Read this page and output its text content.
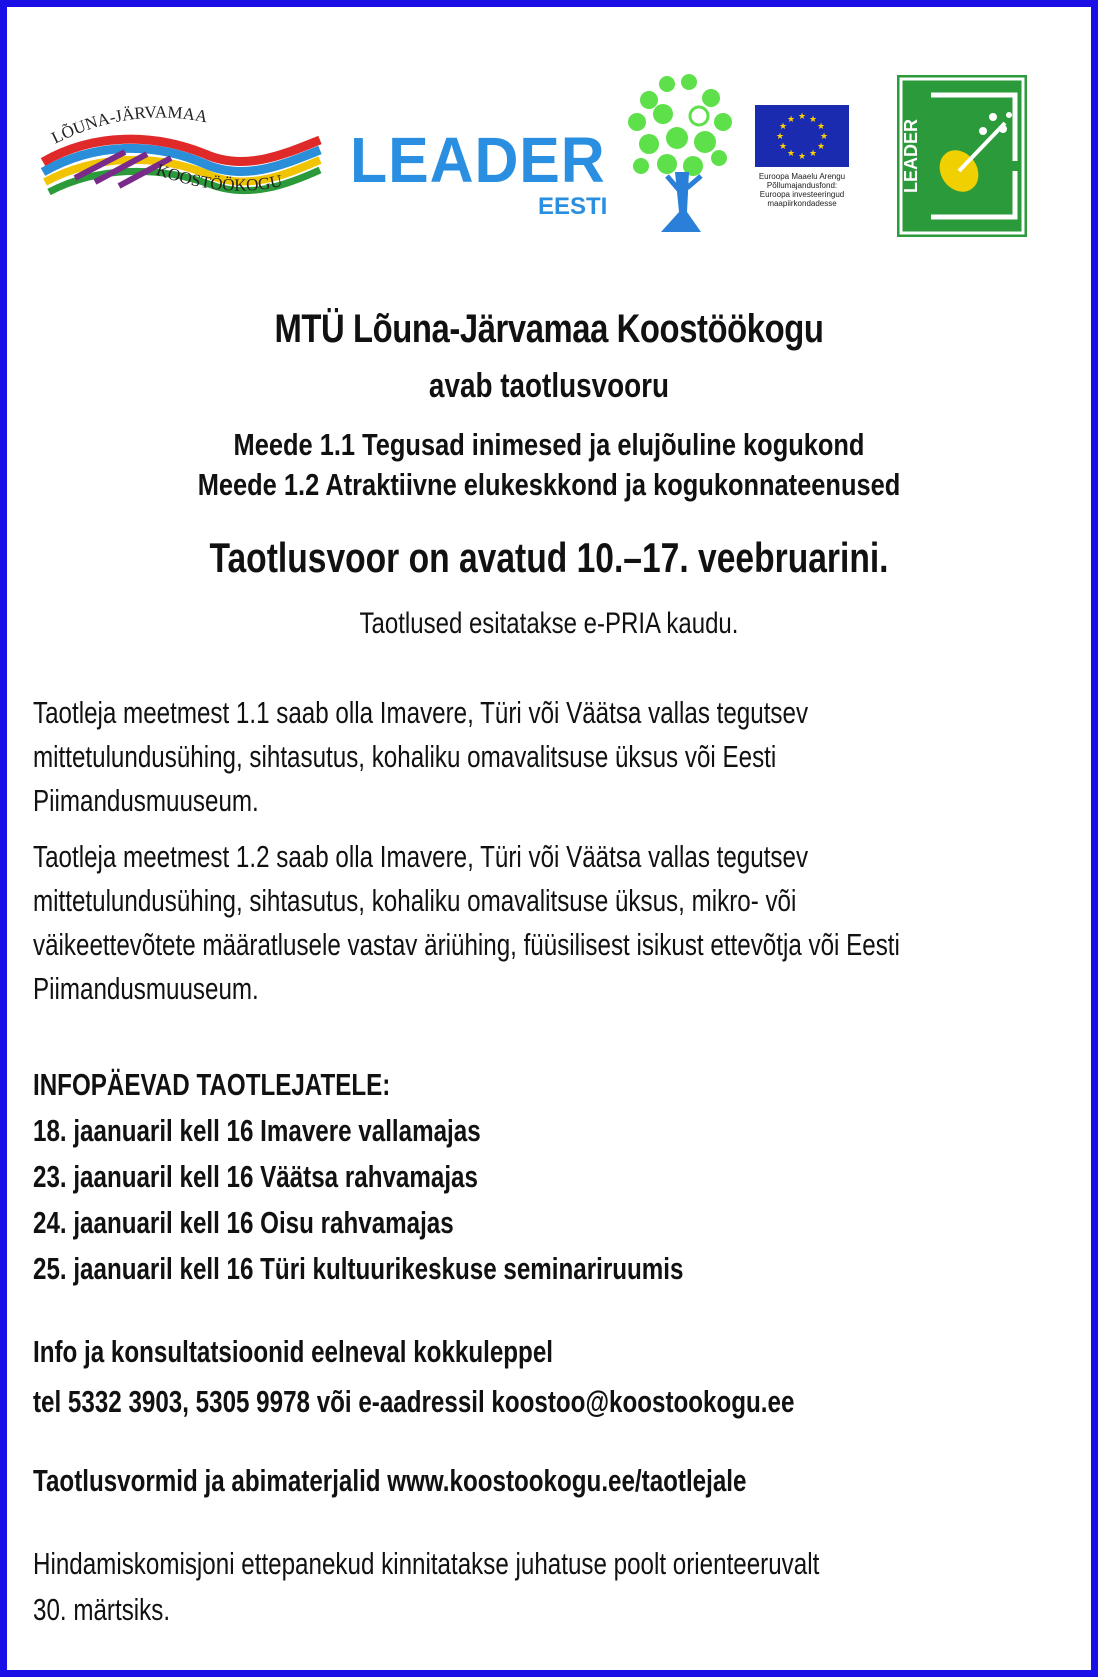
LÕUNA-JÄRVAMAA
KOOSTÖÖKOGU LEADER
EESTI
★ ★
★
★
★
★
★
★
★
★
★
★
Euroopa Maaelu Arengu
Põllumajandusfond:
Euroopa investeeringud
maapiirkondadesse
LEADER
MTÜ Lõuna-Järvamaa Koostöökogu
avab taotlusvooru
Meede 1.1 Tegusad inimesed ja elujõuline kogukond
Meede 1.2 Atraktiivne elukeskkond ja kogukonnateenused
Taotlusvoor on avatud 10.–17. veebruarini.
Taotlused esitatakse e-PRIA kaudu.
Taotleja meetmest 1.1 saab olla Imavere, Türi või Väätsa vallas tegutsev
mittetulundusühing, sihtasutus, kohaliku omavalitsuse üksus või Eesti
Piimandusmuuseum.
Taotleja meetmest 1.2 saab olla Imavere, Türi või Väätsa vallas tegutsev
mittetulundusühing, sihtasutus, kohaliku omavalitsuse üksus, mikro- või
väikeettevõtete määratlusele vastav äriühing, füüsilisest isikust ettevõtja või Eesti
Piimandusmuuseum.
INFOPÄEVAD TAOTLEJATELE:
18. jaanuaril kell 16 Imavere vallamajas
23. jaanuaril kell 16 Väätsa rahvamajas
24. jaanuaril kell 16 Oisu rahvamajas
25. jaanuaril kell 16 Türi kultuurikeskuse seminariruumis
Info ja konsultatsioonid eelneval kokkuleppel
tel 5332 3903, 5305 9978 või e-aadressil koostoo@koostookogu.ee
Taotlusvormid ja abimaterjalid www.koostookogu.ee/taotlejale
Hindamiskomisjoni ettepanekud kinnitatakse juhatuse poolt orienteeruvalt
30. märtsiks.
